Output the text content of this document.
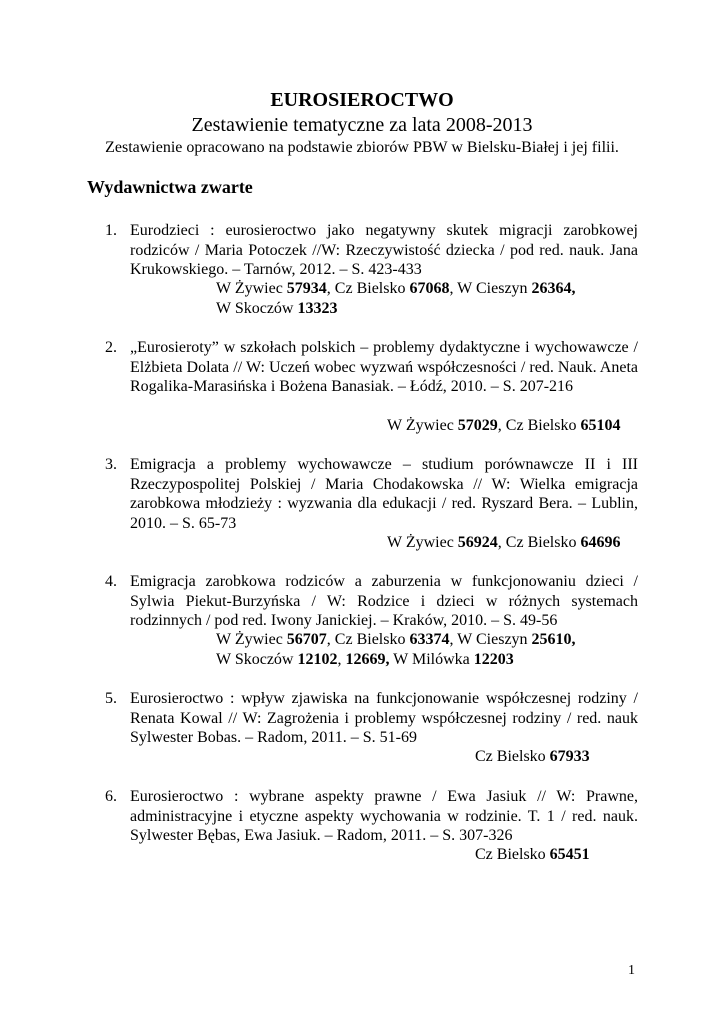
EUROSIEROCTWO
Zestawienie tematyczne za lata 2008-2013
Zestawienie opracowano na podstawie zbiorów PBW w Bielsku-Białej i jej filii.
Wydawnictwa zwarte
1. Eurodzieci : eurosieroctwo jako negatywny skutek migracji zarobkowej rodziców / Maria Potoczek //W: Rzeczywistość dziecka / pod red. nauk. Jana Krukowskiego. – Tarnów, 2012. – S. 423-433
W Żywiec 57934, Cz Bielsko 67068, W Cieszyn 26364,
W Skoczów 13323
2. „Eurosieroty” w szkołach polskich – problemy dydaktyczne i wychowawcze / Elżbieta Dolata // W: Uczeń wobec wyzwań współczesności / red. Nauk. Aneta Rogalika-Marasińska i Bożena Banasiak. – Łódź, 2010. – S. 207-216
W Żywiec 57029, Cz Bielsko 65104
3. Emigracja a problemy wychowawcze – studium porównawcze II i III Rzeczypospolitej Polskiej / Maria Chodakowska // W: Wielka emigracja zarobkowa młodzieży : wyzwania dla edukacji / red. Ryszard Bera. – Lublin, 2010. – S. 65-73
W Żywiec 56924, Cz Bielsko 64696
4. Emigracja zarobkowa rodziców a zaburzenia w funkcjonowaniu dzieci / Sylwia Piekut-Burzyńska / W: Rodzice i dzieci w różnych systemach rodzinnych / pod red. Iwony Janickiej. – Kraków, 2010. – S. 49-56
W Żywiec 56707, Cz Bielsko 63374, W Cieszyn 25610,
W Skoczów 12102, 12669, W Milówka 12203
5. Eurosieroctwo : wpływ zjawiska na funkcjonowanie współczesnej rodziny / Renata Kowal // W: Zagrożenia i problemy współczesnej rodziny / red. nauk Sylwester Bobas. – Radom, 2011. – S. 51-69
Cz Bielsko 67933
6. Eurosieroctwo : wybrane aspekty prawne / Ewa Jasiuk // W: Prawne, administracyjne i etyczne aspekty wychowania w rodzinie. T. 1 / red. nauk. Sylwester Bębas, Ewa Jasiuk. – Radom, 2011. – S. 307-326
Cz Bielsko 65451
1
